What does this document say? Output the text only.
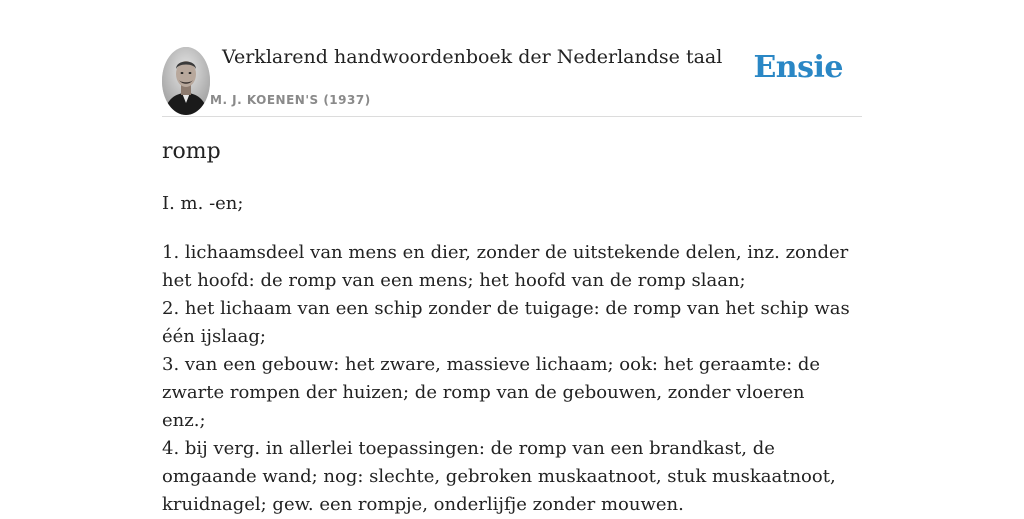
Verklarend handwoordenboek der Nederlandse taal
M. J. KOENEN'S (1937)
Ensie
romp
I. m. -en;

1. lichaamsdeel van mens en dier, zonder de uitstekende delen, inz. zonder het hoofd: de romp van een mens; het hoofd van de romp slaan;

2. het lichaam van een schip zonder de tuigage: de romp van het schip was één ijslaag;

3. van een gebouw: het zware, massieve lichaam; ook: het geraamte: de zwarte rompen der huizen; de romp van de gebouwen, zonder vloeren enz.;

4. bij verg. in allerlei toepassingen: de romp van een brandkast, de omgaande wand; nog: slechte, gebroken muskaatnoot, stuk muskaatnoot, kruidnagel; gew. een rompje, onderlijfje zonder mouwen.
